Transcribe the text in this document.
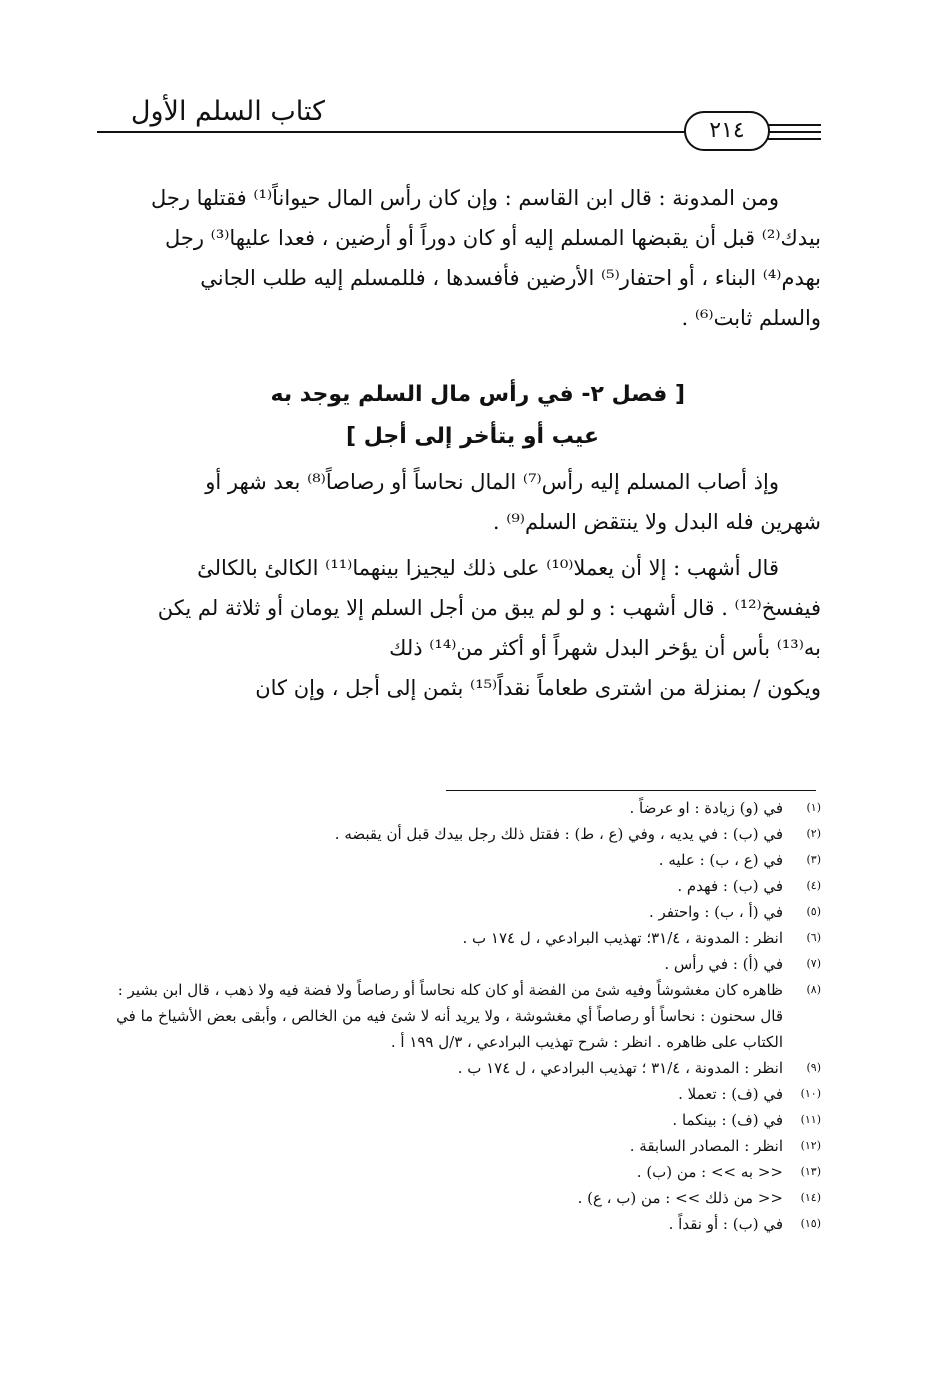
كتاب السلم الأول
٢١٤

ومن المدونة : قال ابن القاسم : وإن كان رأس المال حيواناً⁽¹⁾ فقتلها رجل

بيدك⁽²⁾ قبل أن يقبضها المسلم إليه أو كان دوراً أو أرضين ، فعدا عليها⁽³⁾ رجل

بهدم⁽⁴⁾ البناء ، أو احتفار⁽⁵⁾ الأرضين فأفسدها ، فللمسلم إليه طلب الجاني

والسلم ثابت⁽⁶⁾ .

[ فصل ٢- في رأس مال السلم يوجد به
عيب أو يتأخر إلى أجل ]

وإذ أصاب المسلم إليه رأس⁽⁷⁾ المال نحاساً أو رصاصاً⁽⁸⁾ بعد شهر أو

شهرين فله البدل ولا ينتقض السلم⁽⁹⁾ .

قال أشهب : إلا أن يعملا⁽¹⁰⁾ على ذلك ليجيزا بينهما⁽¹¹⁾ الكالئ بالكالئ

فيفسخ⁽¹²⁾ . قال أشهب : و لو لم يبق من أجل السلم إلا يومان أو ثلاثة لم يكن

به⁽¹³⁾ بأس أن يؤخر البدل شهراً أو أكثر من⁽¹⁴⁾ ذلك

ويكون / بمنزلة من اشترى طعاماً نقداً⁽¹⁵⁾ بثمن إلى أجل ، وإن كان

(١)
في (و) زيادة : او عرضاً .
(٢)
في (ب) : في يديه ، وفي (ع ، ط) : فقتل ذلك رجل بيدك قبل أن يقبضه .
(٣)
في (ع ، ب) : عليه .
(٤)
في (ب) : فهدم .
(٥)
في (أ ، ب) : واحتفر .
(٦)
انظر : المدونة ، ٣١/٤؛ تهذيب البرادعي ، ل ١٧٤ ب .
(٧)
في (أ) : في رأس .
(٨)
ظاهره كان مغشوشاً وفيه شئ من الفضة أو كان كله نحاساً أو رصاصاً ولا فضة فيه ولا ذهب ، قال ابن بشير : قال سحنون : نحاساً أو رصاصاً أي مغشوشة ، ولا يريد أنه لا شئ فيه من الخالص ، وأبقى بعض الأشياخ ما في الكتاب على ظاهره . انظر : شرح تهذيب البرادعي ، ٣/ل ١٩٩ أ .
(٩)
انظر : المدونة ، ٣١/٤ ؛ تهذيب البرادعي ، ل ١٧٤ ب .
(١٠)
في (ف) : تعملا .
(١١)
في (ف) : بينكما .
(١٢)
انظر : المصادر السابقة .
(١٣)
<< به >> : من (ب) .
(١٤)
<< من ذلك >> : من (ب ، ع) .
(١٥)
في (ب) : أو نقداً .
